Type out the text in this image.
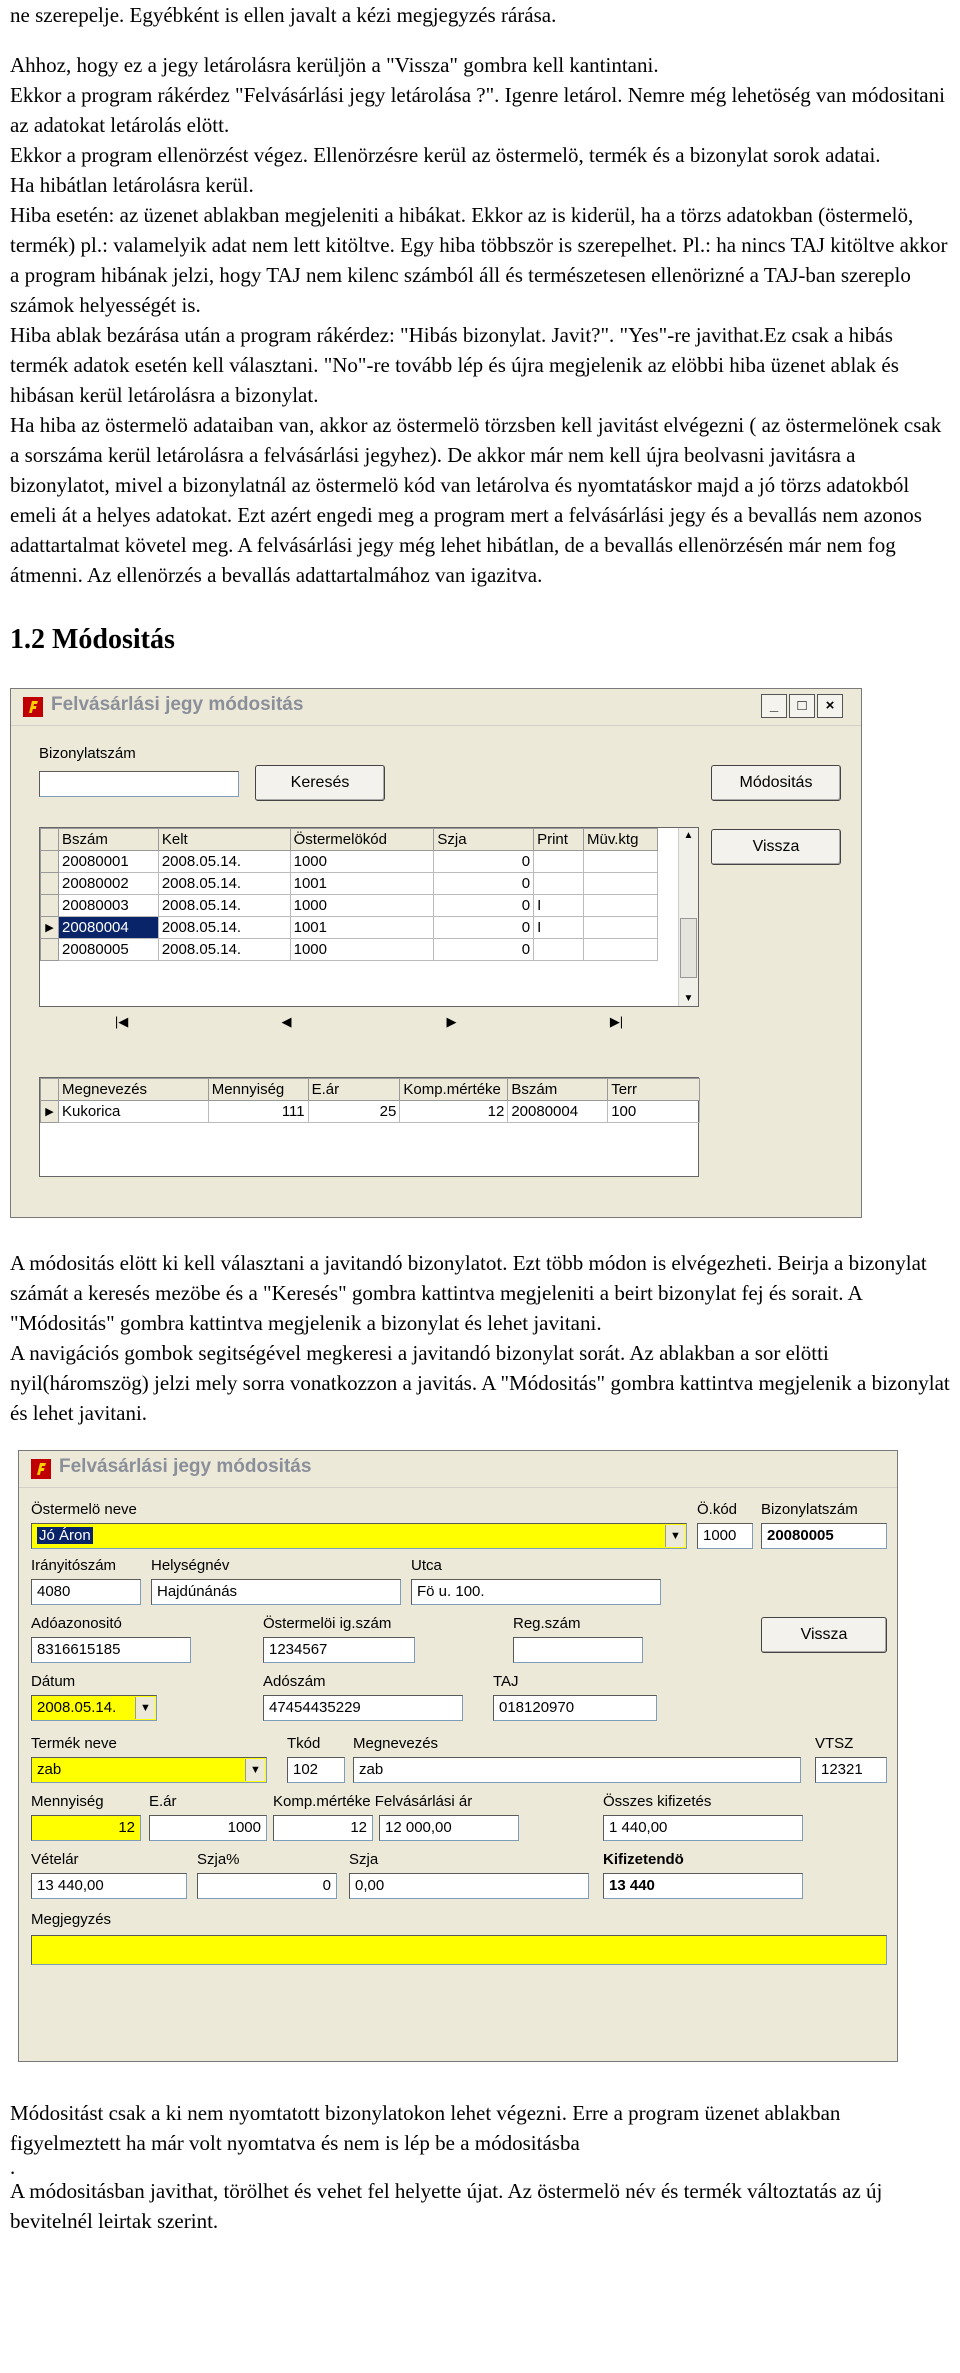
ne szerepelje. Egyébként is ellen javalt a kézi megjegyzés rárása.

Ahhoz, hogy ez a jegy letárolásra kerüljön a "Vissza" gombra kell kantintani.

Ekkor a program rákérdez "Felvásárlási jegy letárolása ?". Igenre letárol. Nemre még lehetöség van módositani az adatokat letárolás elött.

Ekkor a program ellenörzést végez. Ellenörzésre kerül az östermelö, termék és a bizonylat sorok adatai.

Ha hibátlan letárolásra kerül.

Hiba esetén: az üzenet ablakban megjeleniti a hibákat. Ekkor az is kiderül, ha a törzs adatokban (östermelö, termék) pl.: valamelyik adat nem lett kitöltve. Egy hiba többször is szerepelhet. Pl.: ha nincs TAJ kitöltve akkor a program hibának jelzi, hogy TAJ nem kilenc számból áll és természetesen ellenörizné a TAJ-ban szereplo számok helyességét is.

Hiba ablak bezárása után a program rákérdez: "Hibás bizonylat. Javit?". "Yes"-re javithat.Ez csak a hibás termék adatok esetén kell választani. "No"-re tovább lép és újra megjelenik az elöbbi hiba üzenet ablak és hibásan kerül letárolásra a bizonylat.

Ha hiba az östermelö adataiban van, akkor az östermelö törzsben kell javitást elvégezni ( az östermelönek csak a sorszáma kerül letárolásra a felvásárlási jegyhez). De akkor már nem kell újra beolvasni javitásra a bizonylatot, mivel a bizonylatnál az östermelö kód van letárolva és nyomtatáskor majd a jó törzs adatokból emeli át a helyes adatokat. Ezt azért engedi meg a program mert a felvásárlási jegy és a bevallás nem azonos adattartalmat követel meg. A felvásárlási jegy még lehet hibátlan, de a bevallás ellenörzésén már nem fog átmenni. Az ellenörzés a bevallás adattartalmához van igazitva.

1.2 Módositás
Felvásárlási jegy módositás	_	□	×
Bizonylatszám
Keresés	Módositás
Vissza
	Bszám	Kelt	Östermelökód	Szja	Print	Müv.ktg
	20080001	2008.05.14.	1000	0		
	20080002	2008.05.14.	1001	0		
	20080003	2008.05.14.	1000	0	I	
▶	20080004	2008.05.14.	1001	0	I	
	20080005	2008.05.14.	1000	0		
▲
▼
|◀	◀	▶	▶|
	Megnevezés	Mennyiség	E.ár	Komp.mértéke	Bszám	Terr
▶	Kukorica	111	25	12	20080004	100

A módositás elött ki kell választani a javitandó bizonylatot. Ezt több módon is elvégezheti. Beirja a bizonylat számát a keresés mezöbe és a "Keresés" gombra kattintva megjeleniti a beirt bizonylat fej és sorait. A "Módositás" gombra kattintva megjelenik a bizonylat és lehet javitani.

A navigációs gombok segitségével megkeresi a javitandó bizonylat sorát. Az ablakban a sor elötti nyil(háromszög) jelzi mely sorra vonatkozzon a javitás. A "Módositás" gombra kattintva megjelenik a bizonylat és lehet javitani.

Felvásárlási jegy módositás
Östermelö neve
Jó Áron	▼
Ö.kód
1000
Bizonylatszám
20080005
Irányitószám
4080
Helységnév
Hajdúnánás
Utca
Fö u. 100.
Vissza
Adóazonositó
8316615185
Östermelöi ig.szám
1234567
Reg.szám
Dátum
2008.05.14.	▼
Adószám
47454435229
TAJ
018120970
Termék neve
zab	▼
Tkód
102
Megnevezés
zab
VTSZ
12321
Mennyiség
12
E.ár
1000
Komp.mértéke Felvásárlási ár
12	12 000,00
Összes kifizetés
1 440,00
Vételár
13 440,00
Szja%
0
Szja
0,00
Kifizetendö
13 440
Megjegyzés

Módositást csak a ki nem nyomtatott bizonylatokon lehet végezni. Erre a program üzenet ablakban figyelmeztett ha már volt nyomtatva és nem is lép be a módositásba

.

A módositásban javithat, törölhet és vehet fel helyette újat. Az östermelö név és termék változtatás az új bevitelnél leirtak szerint.
